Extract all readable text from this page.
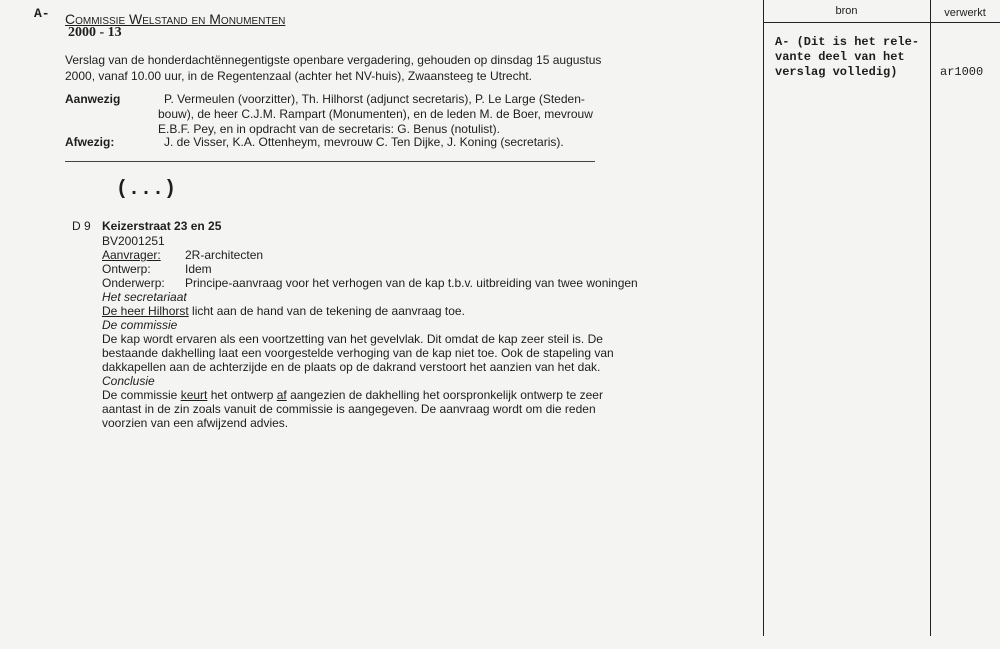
A- Commissie Welstand en Monumenten
2000 - 13
Verslag van de honderdachtënnegentigste openbare vergadering, gehouden op dinsdag 15 augustus
2000, vanaf 10.00 uur, in de Regentenzaal (achter het NV-huis), Zwaansteeg te Utrecht.
Aanwezig	P. Vermeulen (voorzitter), Th. Hilhorst (adjunct secretaris), P. Le Large (Steden-
bouw), de heer C.J.M. Rampart (Monumenten), en de leden M. de Boer, mevrouw
E.B.F. Pey, en in opdracht van de secretaris: G. Benus (notulist).
Afwezig:	J. de Visser, K.A. Ottenheym, mevrouw C. Ten Dijke, J. Koning (secretaris).
(...)
D 9 Keizerstraat 23 en 25
BV2001251
Aanvrager: 2R-architecten
Ontwerp:	Idem
Onderwerp: Principe-aanvraag voor het verhogen van de kap t.b.v. uitbreiding van twee woningen
Het secretariaat
De heer Hilhorst licht aan de hand van de tekening de aanvraag toe.
De commissie
De kap wordt ervaren als een voortzetting van het gevelvlak. Dit omdat de kap zeer steil is. De
bestaande dakhelling laat een voorgestelde verhoging van de kap niet toe. Ook de stapeling van
dakkapellen aan de achterzijde en de plaats op de dakrand verstoort het aanzien van het dak.
Conclusie
De commissie keurt het ontwerp af aangezien de dakhelling het oorspronkelijk ontwerp te zeer
aantast in de zin zoals vanuit de commissie is aangegeven. De aanvraag wordt om die reden
voorzien van een afwijzend advies.
bron	verwerkt
A- (Dit is het rele-
vante deel van het
verslag volledig)	ar1000
